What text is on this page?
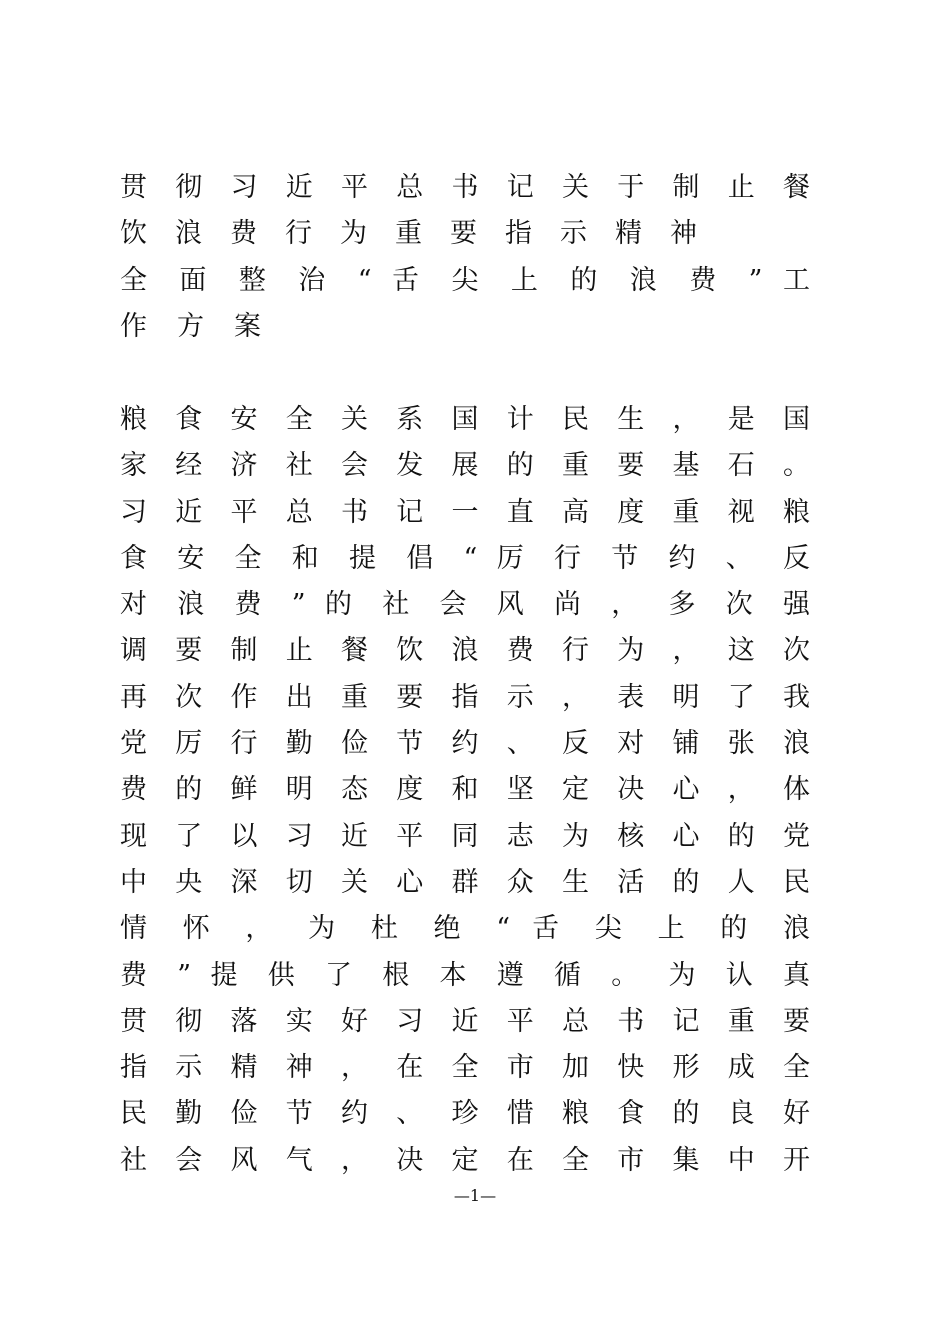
贯 彻 习 近 平 总 书 记 关 于 制 止 餐
饮浪费行为重要指示精神
全 面 整 治 “ 舌 尖 上 的 浪 费 ” 工
作方案
粮 食 安 全 关 系 国 计 民 生 ， 是 国
家 经 济 社 会 发 展 的 重 要 基 石 。
习 近 平 总 书 记 一 直 高 度 重 视 粮
食 安 全 和 提 倡 “ 厉 行 节 约 、 反
对 浪 费 ” 的 社 会 风 尚 ， 多 次 强
调 要 制 止 餐 饮 浪 费 行 为 ， 这 次
再 次 作 出 重 要 指 示 ， 表 明 了 我
党 厉 行 勤 俭 节 约 、 反 对 铺 张 浪
费 的 鲜 明 态 度 和 坚 定 决 心 ， 体
现 了 以 习 近 平 同 志 为 核 心 的 党
中 央 深 切 关 心 群 众 生 活 的 人 民
情 怀 ， 为 杜 绝 “ 舌 尖 上 的 浪
费 ” 提 供 了 根 本 遵 循 。 为 认 真
贯 彻 落 实 好 习 近 平 总 书 记 重 要
指 示 精 神 ， 在 全 市 加 快 形 成 全
民 勤 俭 节 约 、 珍 惜 粮 食 的 良 好
社 会 风 气 ， 决 定 在 全 市 集 中 开
—1—
